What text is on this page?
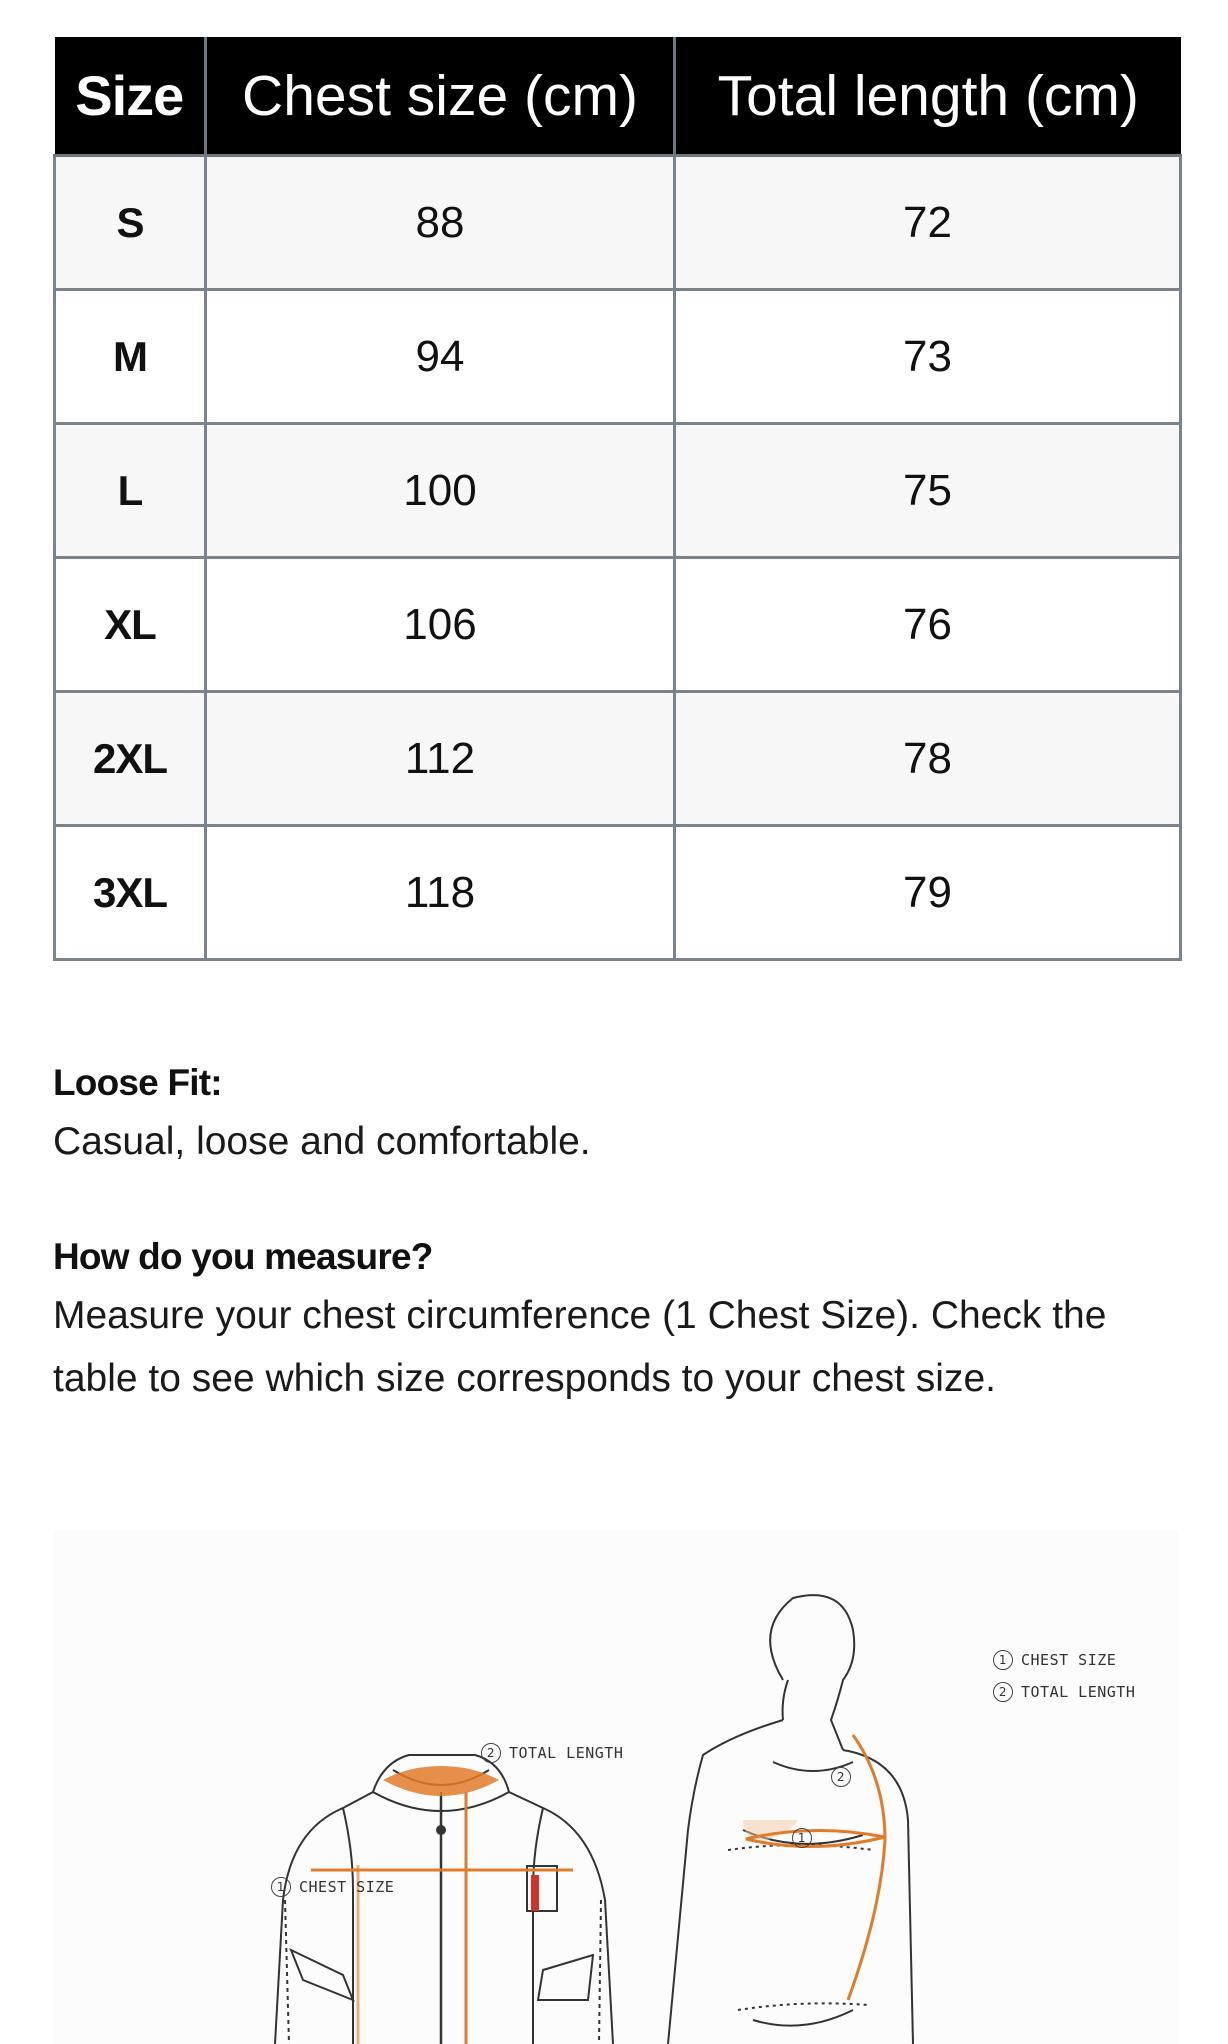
Size	Chest size (cm)	Total length (cm)
S	88	72
M	94	73
L	100	75
XL	106	76
2XL	112	78
3XL	118	79
Loose Fit:
Casual, loose and comfortable.
How do you measure?
Measure your chest circumference (1 Chest Size). Check the table to see which size corresponds to your chest size.
1 CHEST SIZE
2 TOTAL LENGTH
1 CHEST SIZE
2 TOTAL LENGTH
1
2
